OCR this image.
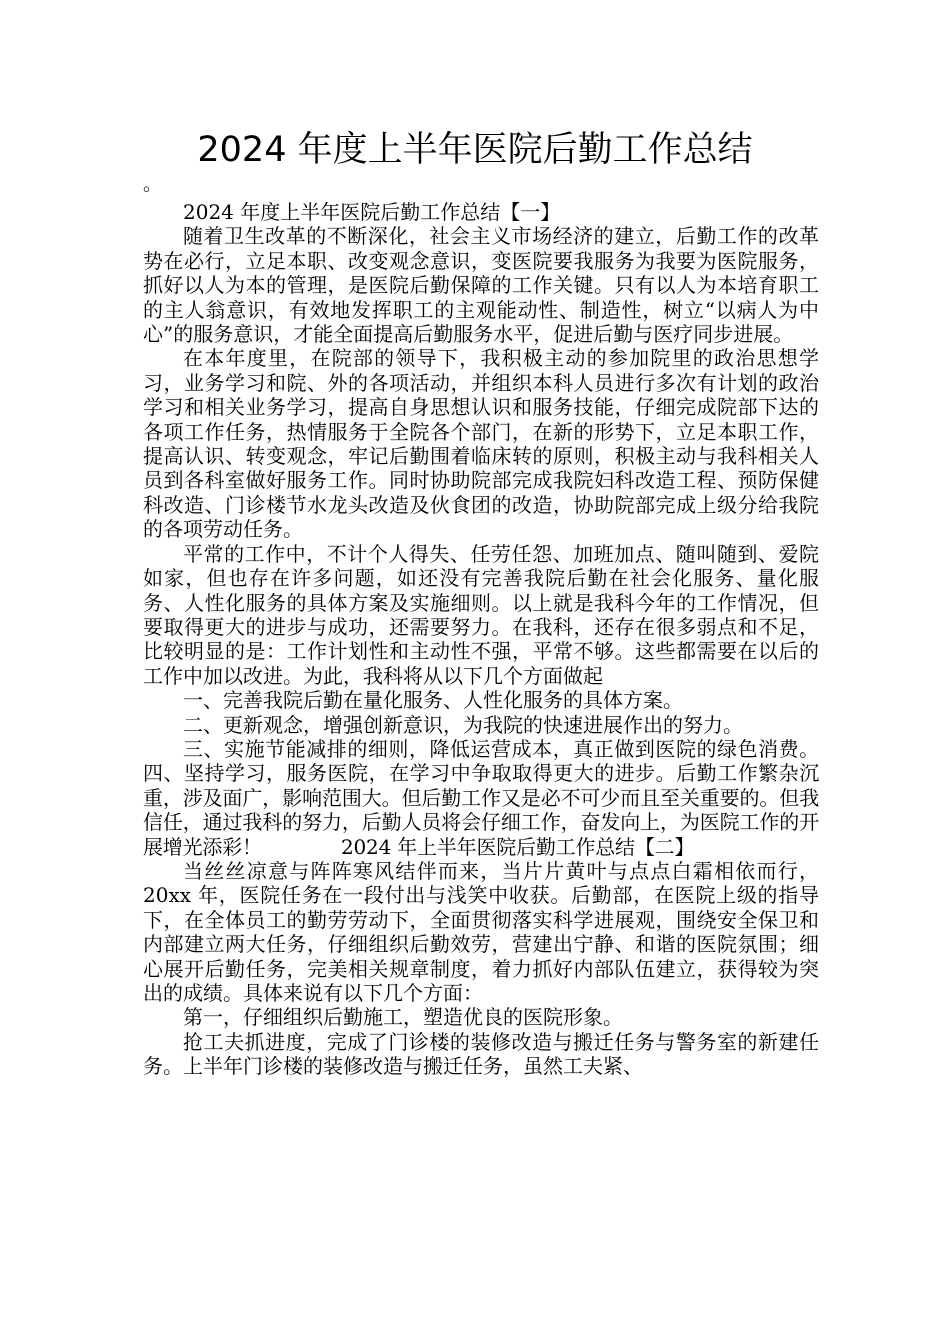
2024 年度上半年医院后勤工作总结
。

2024 年度上半年医院后勤工作总结【一】

随着卫生改革的不断深化，社会主义市场经济的建立，后勤工作的改革势在必行，立足本职、改变观念意识，变医院要我服务为我要为医院服务，抓好以人为本的管理，是医院后勤保障的工作关键。只有以人为本培育职工的主人翁意识，有效地发挥职工的主观能动性、制造性，树立“以病人为中心”的服务意识，才能全面提高后勤服务水平，促进后勤与医疗同步进展。

在本年度里，在院部的领导下，我积极主动的参加院里的政治思想学习，业务学习和院、外的各项活动，并组织本科人员进行多次有计划的政治学习和相关业务学习，提高自身思想认识和服务技能，仔细完成院部下达的各项工作任务，热情服务于全院各个部门，在新的形势下，立足本职工作，提高认识、转变观念，牢记后勤围着临床转的原则，积极主动与我科相关人员到各科室做好服务工作。同时协助院部完成我院妇科改造工程、预防保健科改造、门诊楼节水龙头改造及伙食团的改造，协助院部完成上级分给我院的各项劳动任务。

平常的工作中，不计个人得失、任劳任怨、加班加点、随叫随到、爱院如家，但也存在许多问题，如还没有完善我院后勤在社会化服务、量化服务、人性化服务的具体方案及实施细则。以上就是我科今年的工作情况，但要取得更大的进步与成功，还需要努力。在我科，还存在很多弱点和不足，比较明显的是：工作计划性和主动性不强，平常不够。这些都需要在以后的工作中加以改进。为此，我科将从以下几个方面做起

一、完善我院后勤在量化服务、人性化服务的具体方案。

二、更新观念，增强创新意识，为我院的快速进展作出的努力。

三、实施节能减排的细则，降低运营成本，真正做到医院的绿色消费。四、坚持学习，服务医院，在学习中争取取得更大的进步。后勤工作繁杂沉重，涉及面广，影响范围大。但后勤工作又是必不可少而且至关重要的。但我信任，通过我科的努力，后勤人员将会仔细工作，奋发向上，为医院工作的开展增光添彩！　　　　2024 年上半年医院后勤工作总结【二】

当丝丝凉意与阵阵寒风结伴而来，当片片黄叶与点点白霜相依而行，20xx 年，医院任务在一段付出与浅笑中收获。后勤部，在医院上级的指导下，在全体员工的勤劳劳动下，全面贯彻落实科学进展观，围绕安全保卫和内部建立两大任务，仔细组织后勤效劳，营建出宁静、和谐的医院氛围；细心展开后勤任务，完美相关规章制度，着力抓好内部队伍建立，获得较为突出的成绩。具体来说有以下几个方面：

第一，仔细组织后勤施工，塑造优良的医院形象。

抢工夫抓进度，完成了门诊楼的装修改造与搬迁任务与警务室的新建任务。上半年门诊楼的装修改造与搬迁任务，虽然工夫紧、
